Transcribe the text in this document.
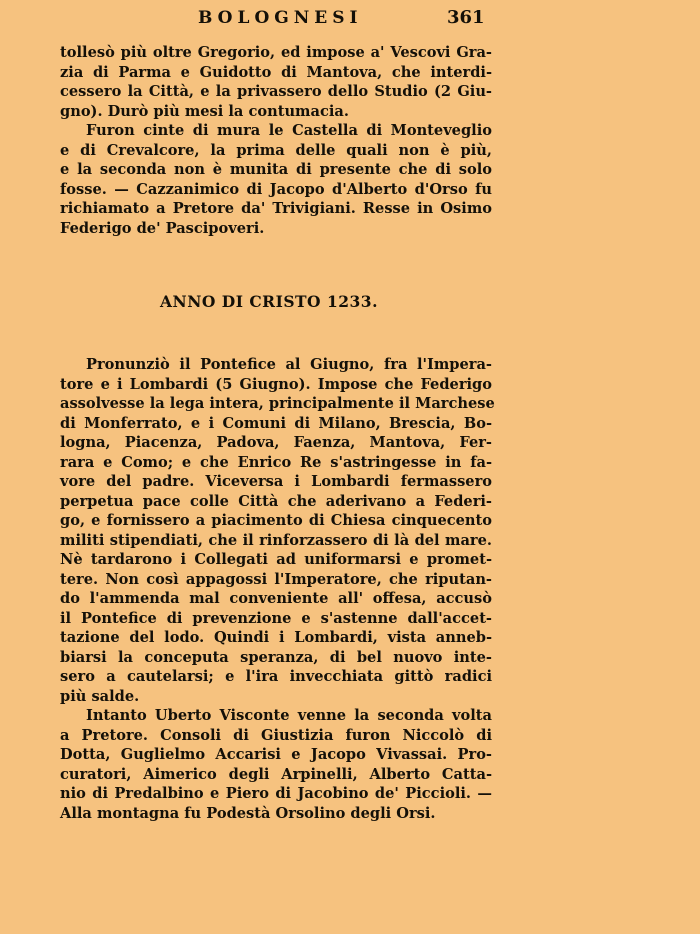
BOLOGNESI	361
tollesò più oltre Gregorio, ed impose a' Vescovi Gra-
zia di Parma e Guidotto di Mantova, che interdi-
cessero la Città, e la privassero dello Studio (2 Giu-
gno). Durò più mesi la contumacia.
Furon cinte di mura le Castella di Monteveglio
e di Crevalcore, la prima delle quali non è più,
e la seconda non è munita di presente che di solo
fosse. — Cazzanimico di Jacopo d'Alberto d'Orso fu
richiamato a Pretore da' Trivigiani. Resse in Osimo
Federigo de' Pascipoveri.
ANNO DI CRISTO 1233.
Pronunziò il Pontefice al Giugno, fra l'Impera-
tore e i Lombardi (5 Giugno). Impose che Federigo
assolvesse la lega intera, principalmente il Marchese
di Monferrato, e i Comuni di Milano, Brescia, Bo-
logna, Piacenza, Padova, Faenza, Mantova, Fer-
rara e Como; e che Enrico Re s'astringesse in fa-
vore del padre. Viceversa i Lombardi fermassero
perpetua pace colle Città che aderivano a Federi-
go, e fornissero a piacimento di Chiesa cinquecento
militi stipendiati, che il rinforzassero di là del mare.
Nè tardarono i Collegati ad uniformarsi e promet-
tere. Non così appagossi l'Imperatore, che riputan-
do l'ammenda mal conveniente all' offesa, accusò
il Pontefice di prevenzione e s'astenne dall'accet-
tazione del lodo. Quindi i Lombardi, vista anneb-
biarsi la conceputa speranza, di bel nuovo inte-
sero a cautelarsi; e l'ira invecchiata gittò radici
più salde.
Intanto Uberto Visconte venne la seconda volta
a Pretore. Consoli di Giustizia furon Niccolò di
Dotta, Guglielmo Accarisi e Jacopo Vivassai. Pro-
curatori, Aimerico degli Arpinelli, Alberto Catta-
nio di Predalbino e Piero di Jacobino de' Piccioli. —
Alla montagna fu Podestà Orsolino degli Orsi.
